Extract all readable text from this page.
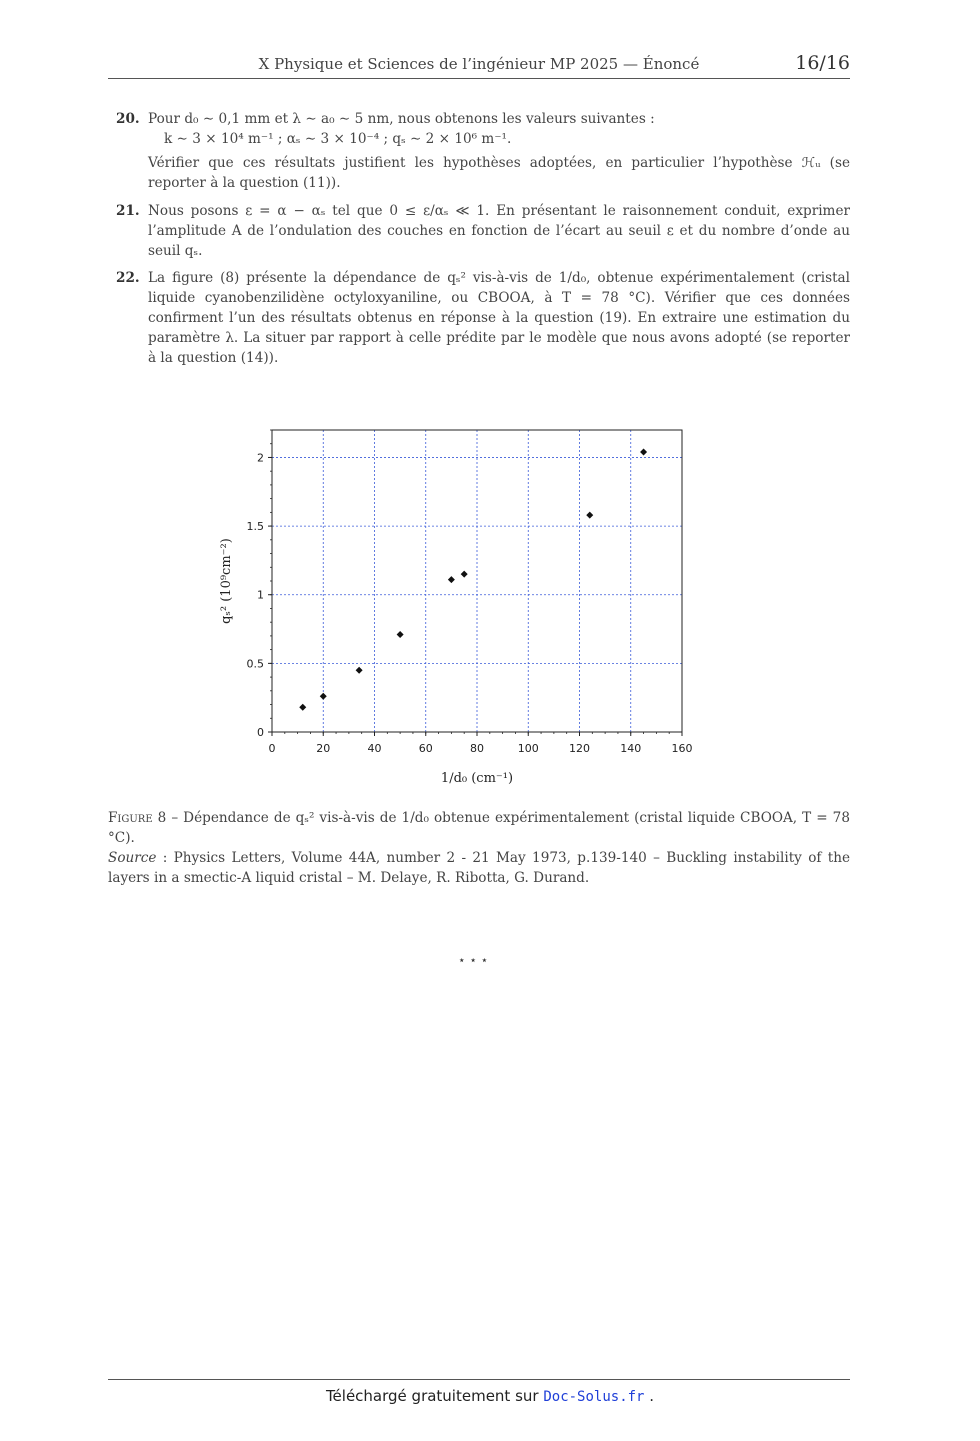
X Physique et Sciences de l’ingénieur MP 2025 — Énoncé	16/16
20. Pour d₀ ∼ 0,1 mm et λ ∼ a₀ ∼ 5 nm, nous obtenons les valeurs suivantes :
k ∼ 3 × 10⁴ m⁻¹ ; αₛ ∼ 3 × 10⁻⁴ ; qₛ ∼ 2 × 10⁶ m⁻¹.
Vérifier que ces résultats justifient les hypothèses adoptées, en particulier l’hypothèse ℋᵤ (se reporter à la question (11)).
21. Nous posons ε = α − αₛ tel que 0 ≤ ε/αₛ ≪ 1. En présentant le raisonnement conduit, exprimer l’amplitude A de l’ondulation des couches en fonction de l’écart au seuil ε et du nombre d’onde au seuil qₛ.
22. La figure (8) présente la dépendance de qₛ² vis-à-vis de 1/d₀, obtenue expérimentalement (cristal liquide cyanobenzilidène octyloxyaniline, ou CBOOA, à T = 78 °C). Vérifier que ces données confirment l’un des résultats obtenus en réponse à la question (19). En extraire une estimation du paramètre λ. La situer par rapport à celle prédite par le modèle que nous avons adopté (se reporter à la question (14)).
0	20	40	60	80	100	120	140	160
0
0.5
1
1.5
2
1/d₀ (cm⁻¹)
qₛ² (10⁹cm⁻²)
Figure 8 – Dépendance de qₛ² vis-à-vis de 1/d₀ obtenue expérimentalement (cristal liquide CBOOA, T = 78 °C).
Source : Physics Letters, Volume 44A, number 2 - 21 May 1973, p.139-140 – Buckling instability of the layers in a smectic-A liquid cristal – M. Delaye, R. Ribotta, G. Durand.
⋆ ⋆ ⋆
Téléchargé gratuitement sur Doc-Solus.fr .
